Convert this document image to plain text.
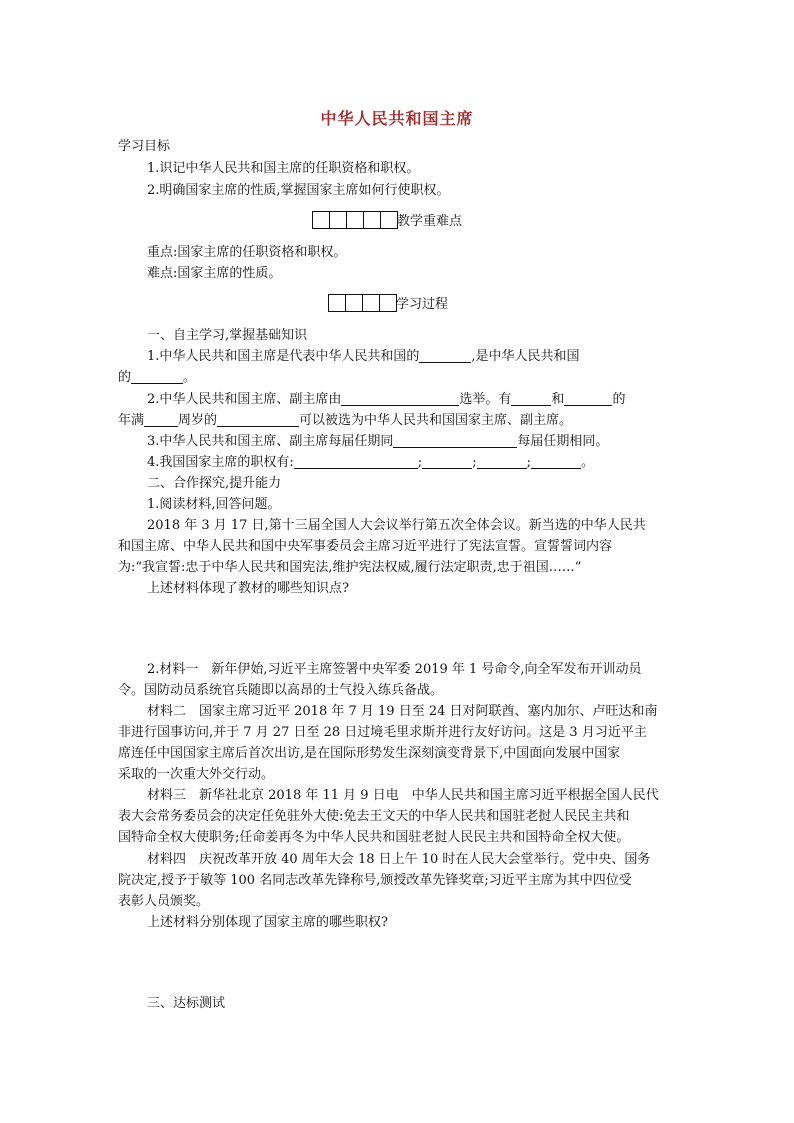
中华人民共和国主席
学习目标
1.识记中华人民共和国主席的任职资格和职权。
2.明确国家主席的性质,掌握国家主席如何行使职权。
教学重难点
重点:国家主席的任职资格和职权。
难点:国家主席的性质。
学习过程
一、自主学习,掌握基础知识
1.中华人民共和国主席是代表中华人民共和国的	,是中华人民共和国
的	。
2.中华人民共和国主席、副主席由	选举。有	和	的
年满	周岁的	可以被选为中华人民共和国国家主席、副主席。
3.中华人民共和国主席、副主席每届任期同	每届任期相同。
4.我国国家主席的职权有:	;	;	;	。
二、合作探究,提升能力
1.阅读材料,回答问题。
2018 年 3 月 17 日,第十三届全国人大会议举行第五次全体会议。新当选的中华人民共
和国主席、中华人民共和国中央军事委员会主席习近平进行了宪法宣誓。宣誓誓词内容
为:“我宣誓:忠于中华人民共和国宪法,维护宪法权威,履行法定职责,忠于祖国……”
上述材料体现了教材的哪些知识点?
2.材料一　新年伊始,习近平主席签署中央军委 2019 年 1 号命令,向全军发布开训动员
令。国防动员系统官兵随即以高昂的士气投入练兵备战。
材料二　国家主席习近平 2018 年 7 月 19 日至 24 日对阿联酋、塞内加尔、卢旺达和南
非进行国事访问,并于 7 月 27 日至 28 日过境毛里求斯并进行友好访问。这是 3 月习近平主
席连任中国国家主席后首次出访,是在国际形势发生深刻演变背景下,中国面向发展中国家
采取的一次重大外交行动。
材料三　新华社北京 2018 年 11 月 9 日电　中华人民共和国主席习近平根据全国人民代
表大会常务委员会的决定任免驻外大使:免去王文天的中华人民共和国驻老挝人民民主共和
国特命全权大使职务;任命姜再冬为中华人民共和国驻老挝人民民主共和国特命全权大使。
材料四　庆祝改革开放 40 周年大会 18 日上午 10 时在人民大会堂举行。党中央、国务
院决定,授予于敏等 100 名同志改革先锋称号,颁授改革先锋奖章;习近平主席为其中四位受
表彰人员颁奖。
上述材料分别体现了国家主席的哪些职权?
三、达标测试
